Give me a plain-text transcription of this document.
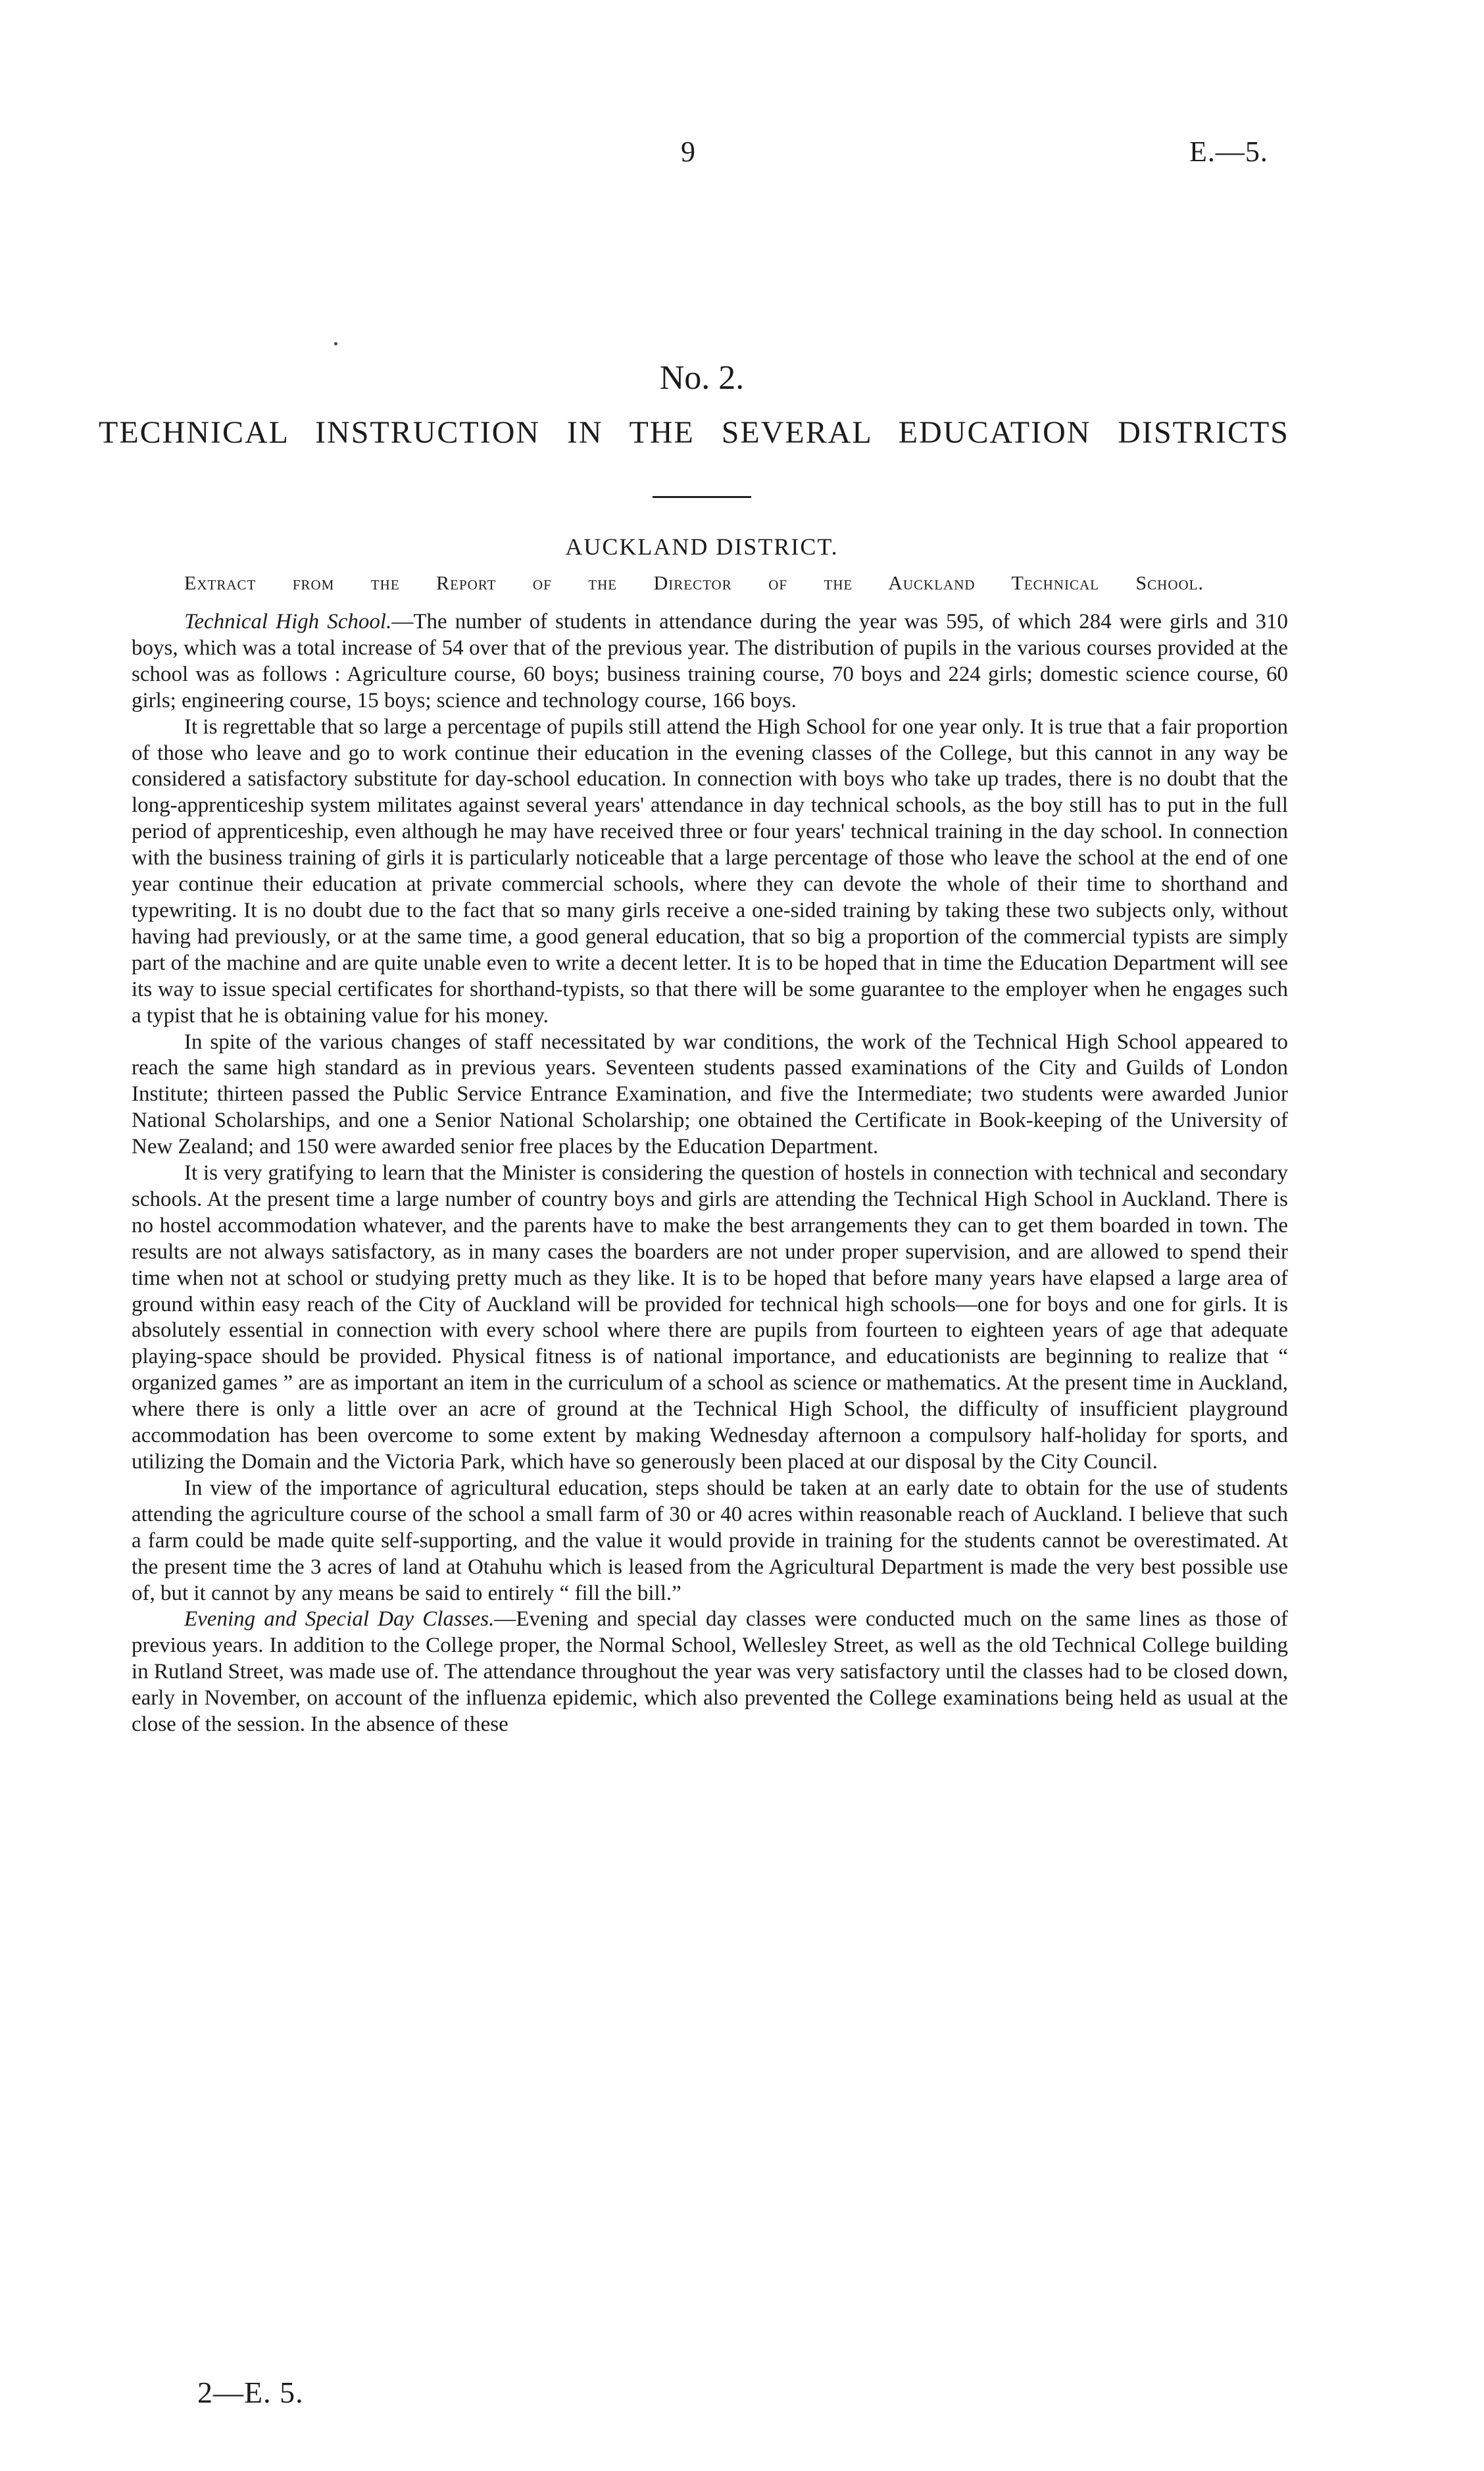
9	E.—5.
No. 2.
TECHNICAL INSTRUCTION IN THE SEVERAL EDUCATION DISTRICTS
AUCKLAND DISTRICT.
Extract from the Report of the Director of the Auckland Technical School.

Technical High School.—The number of students in attendance during the year was 595, of which 284 were girls and 310 boys, which was a total increase of 54 over that of the previous year. The distribution of pupils in the various courses provided at the school was as follows : Agriculture course, 60 boys; business training course, 70 boys and 224 girls; domestic science course, 60 girls; engineering course, 15 boys; science and technology course, 166 boys.

It is regrettable that so large a percentage of pupils still attend the High School for one year only. It is true that a fair proportion of those who leave and go to work continue their education in the evening classes of the College, but this cannot in any way be considered a satisfactory substitute for day-school education. In connection with boys who take up trades, there is no doubt that the long-apprenticeship system militates against several years' attendance in day technical schools, as the boy still has to put in the full period of apprenticeship, even although he may have received three or four years' technical training in the day school. In connection with the business training of girls it is particularly noticeable that a large percentage of those who leave the school at the end of one year continue their education at private commercial schools, where they can devote the whole of their time to shorthand and typewriting. It is no doubt due to the fact that so many girls receive a one-sided training by taking these two subjects only, without having had previously, or at the same time, a good general education, that so big a proportion of the commercial typists are simply part of the machine and are quite unable even to write a decent letter. It is to be hoped that in time the Education Department will see its way to issue special certificates for shorthand-typists, so that there will be some guarantee to the employer when he engages such a typist that he is obtaining value for his money.

In spite of the various changes of staff necessitated by war conditions, the work of the Technical High School appeared to reach the same high standard as in previous years. Seventeen students passed examinations of the City and Guilds of London Institute; thirteen passed the Public Service Entrance Examination, and five the Intermediate; two students were awarded Junior National Scholarships, and one a Senior National Scholarship; one obtained the Certificate in Book-keeping of the University of New Zealand; and 150 were awarded senior free places by the Education Department.

It is very gratifying to learn that the Minister is considering the question of hostels in connection with technical and secondary schools. At the present time a large number of country boys and girls are attending the Technical High School in Auckland. There is no hostel accommodation whatever, and the parents have to make the best arrangements they can to get them boarded in town. The results are not always satisfactory, as in many cases the boarders are not under proper supervision, and are allowed to spend their time when not at school or studying pretty much as they like. It is to be hoped that before many years have elapsed a large area of ground within easy reach of the City of Auckland will be provided for technical high schools—one for boys and one for girls. It is absolutely essential in connection with every school where there are pupils from fourteen to eighteen years of age that adequate playing-space should be provided. Physical fitness is of national importance, and educationists are beginning to realize that “ organized games ” are as important an item in the curriculum of a school as science or mathematics. At the present time in Auckland, where there is only a little over an acre of ground at the Technical High School, the difficulty of insufficient playground accommodation has been overcome to some extent by making Wednesday afternoon a compulsory half-holiday for sports, and utilizing the Domain and the Victoria Park, which have so generously been placed at our disposal by the City Council.

In view of the importance of agricultural education, steps should be taken at an early date to obtain for the use of students attending the agriculture course of the school a small farm of 30 or 40 acres within reasonable reach of Auckland. I believe that such a farm could be made quite self-supporting, and the value it would provide in training for the students cannot be overestimated. At the present time the 3 acres of land at Otahuhu which is leased from the Agricultural Department is made the very best possible use of, but it cannot by any means be said to entirely “ fill the bill.”

Evening and Special Day Classes.—Evening and special day classes were conducted much on the same lines as those of previous years. In addition to the College proper, the Normal School, Wellesley Street, as well as the old Technical College building in Rutland Street, was made use of. The attendance throughout the year was very satisfactory until the classes had to be closed down, early in November, on account of the influenza epidemic, which also prevented the College examinations being held as usual at the close of the session. In the absence of these

2—E. 5.
